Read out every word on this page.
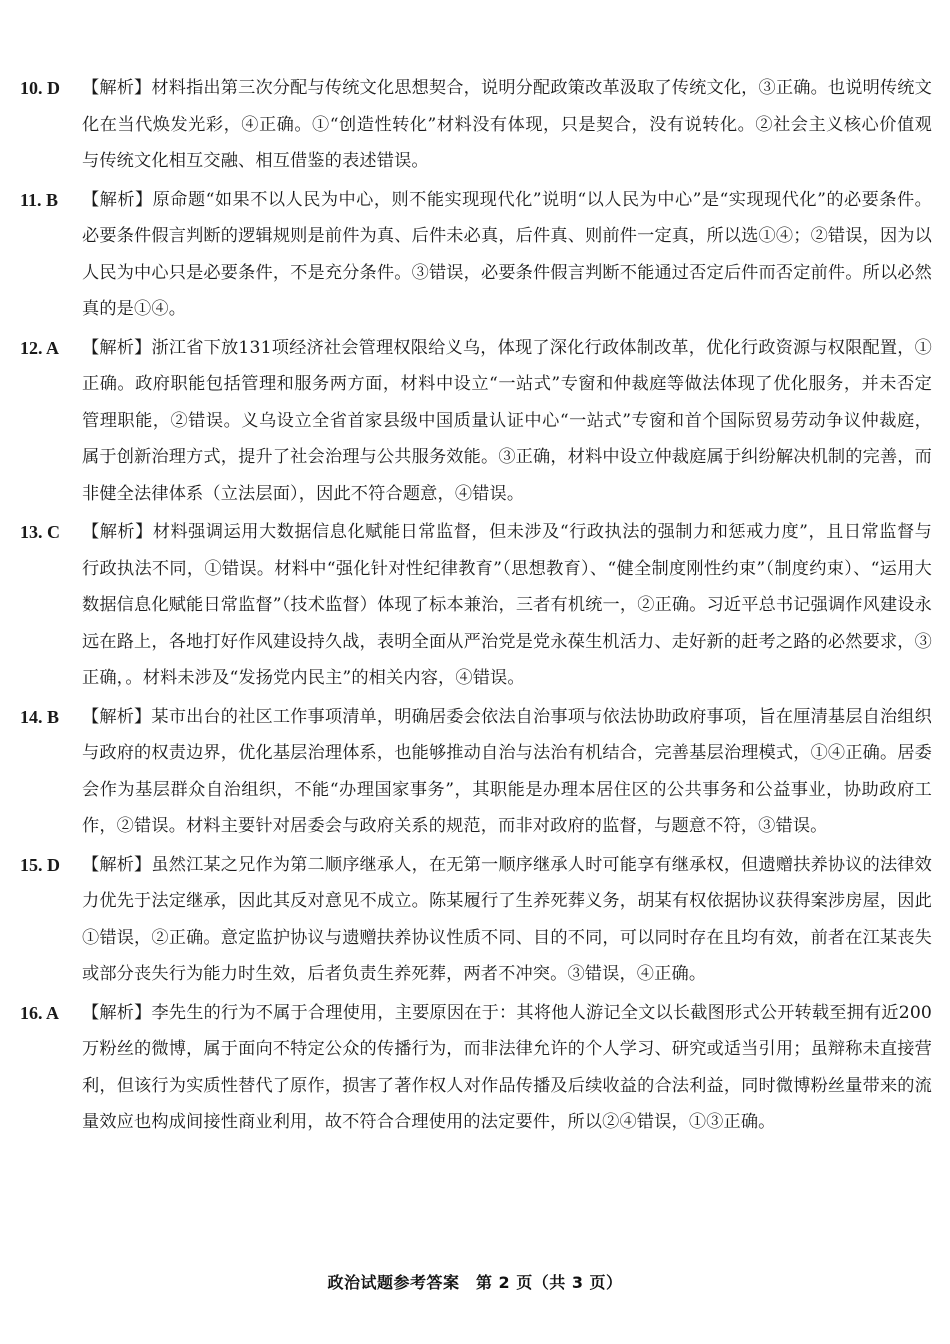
10. D	【解析】材料指出第三次分配与传统文化思想契合，说明分配政策改革汲取了传统文化，③正确。也说明传统文化在当代焕发光彩，④正确。①“创造性转化”材料没有体现，只是契合，没有说转化。②社会主义核心价值观与传统文化相互交融、相互借鉴的表述错误。
11. B	【解析】原命题“如果不以人民为中心，则不能实现现代化”说明“以人民为中心”是“实现现代化”的必要条件。必要条件假言判断的逻辑规则是前件为真、后件未必真，后件真、则前件一定真，所以选①④；②错误，因为以人民为中心只是必要条件，不是充分条件。③错误，必要条件假言判断不能通过否定后件而否定前件。所以必然真的是①④。
12. A	【解析】浙江省下放131项经济社会管理权限给义乌，体现了深化行政体制改革，优化行政资源与权限配置，①正确。政府职能包括管理和服务两方面，材料中设立“一站式”专窗和仲裁庭等做法体现了优化服务，并未否定管理职能，②错误。义乌设立全省首家县级中国质量认证中心“一站式”专窗和首个国际贸易劳动争议仲裁庭，属于创新治理方式，提升了社会治理与公共服务效能。③正确，材料中设立仲裁庭属于纠纷解决机制的完善，而非健全法律体系（立法层面），因此不符合题意，④错误。
13. C	【解析】材料强调运用大数据信息化赋能日常监督，但未涉及“行政执法的强制力和惩戒力度”，且日常监督与行政执法不同，①错误。材料中“强化针对性纪律教育”（思想教育）、“健全制度刚性约束”（制度约束）、“运用大数据信息化赋能日常监督”（技术监督）体现了标本兼治，三者有机统一，②正确。习近平总书记强调作风建设永远在路上，各地打好作风建设持久战，表明全面从严治党是党永葆生机活力、走好新的赶考之路的必然要求，③正确，。材料未涉及“发扬党内民主”的相关内容，④错误。
14. B	【解析】某市出台的社区工作事项清单，明确居委会依法自治事项与依法协助政府事项，旨在厘清基层自治组织与政府的权责边界，优化基层治理体系，也能够推动自治与法治有机结合，完善基层治理模式，①④正确。居委会作为基层群众自治组织，不能“办理国家事务”，其职能是办理本居住区的公共事务和公益事业，协助政府工作，②错误。材料主要针对居委会与政府关系的规范，而非对政府的监督，与题意不符，③错误。
15. D	【解析】虽然江某之兄作为第二顺序继承人，在无第一顺序继承人时可能享有继承权，但遗赠扶养协议的法律效力优先于法定继承，因此其反对意见不成立。陈某履行了生养死葬义务，胡某有权依据协议获得案涉房屋，因此①错误，②正确。意定监护协议与遗赠扶养协议性质不同、目的不同，可以同时存在且均有效，前者在江某丧失或部分丧失行为能力时生效，后者负责生养死葬，两者不冲突。③错误，④正确。
16. A	【解析】李先生的行为不属于合理使用，主要原因在于：其将他人游记全文以长截图形式公开转载至拥有近200万粉丝的微博，属于面向不特定公众的传播行为，而非法律允许的个人学习、研究或适当引用；虽辩称未直接营利，但该行为实质性替代了原作，损害了著作权人对作品传播及后续收益的合法利益，同时微博粉丝量带来的流量效应也构成间接性商业利用，故不符合合理使用的法定要件，所以②④错误，①③正确。
政治试题参考答案　第 2 页（共 3 页）
